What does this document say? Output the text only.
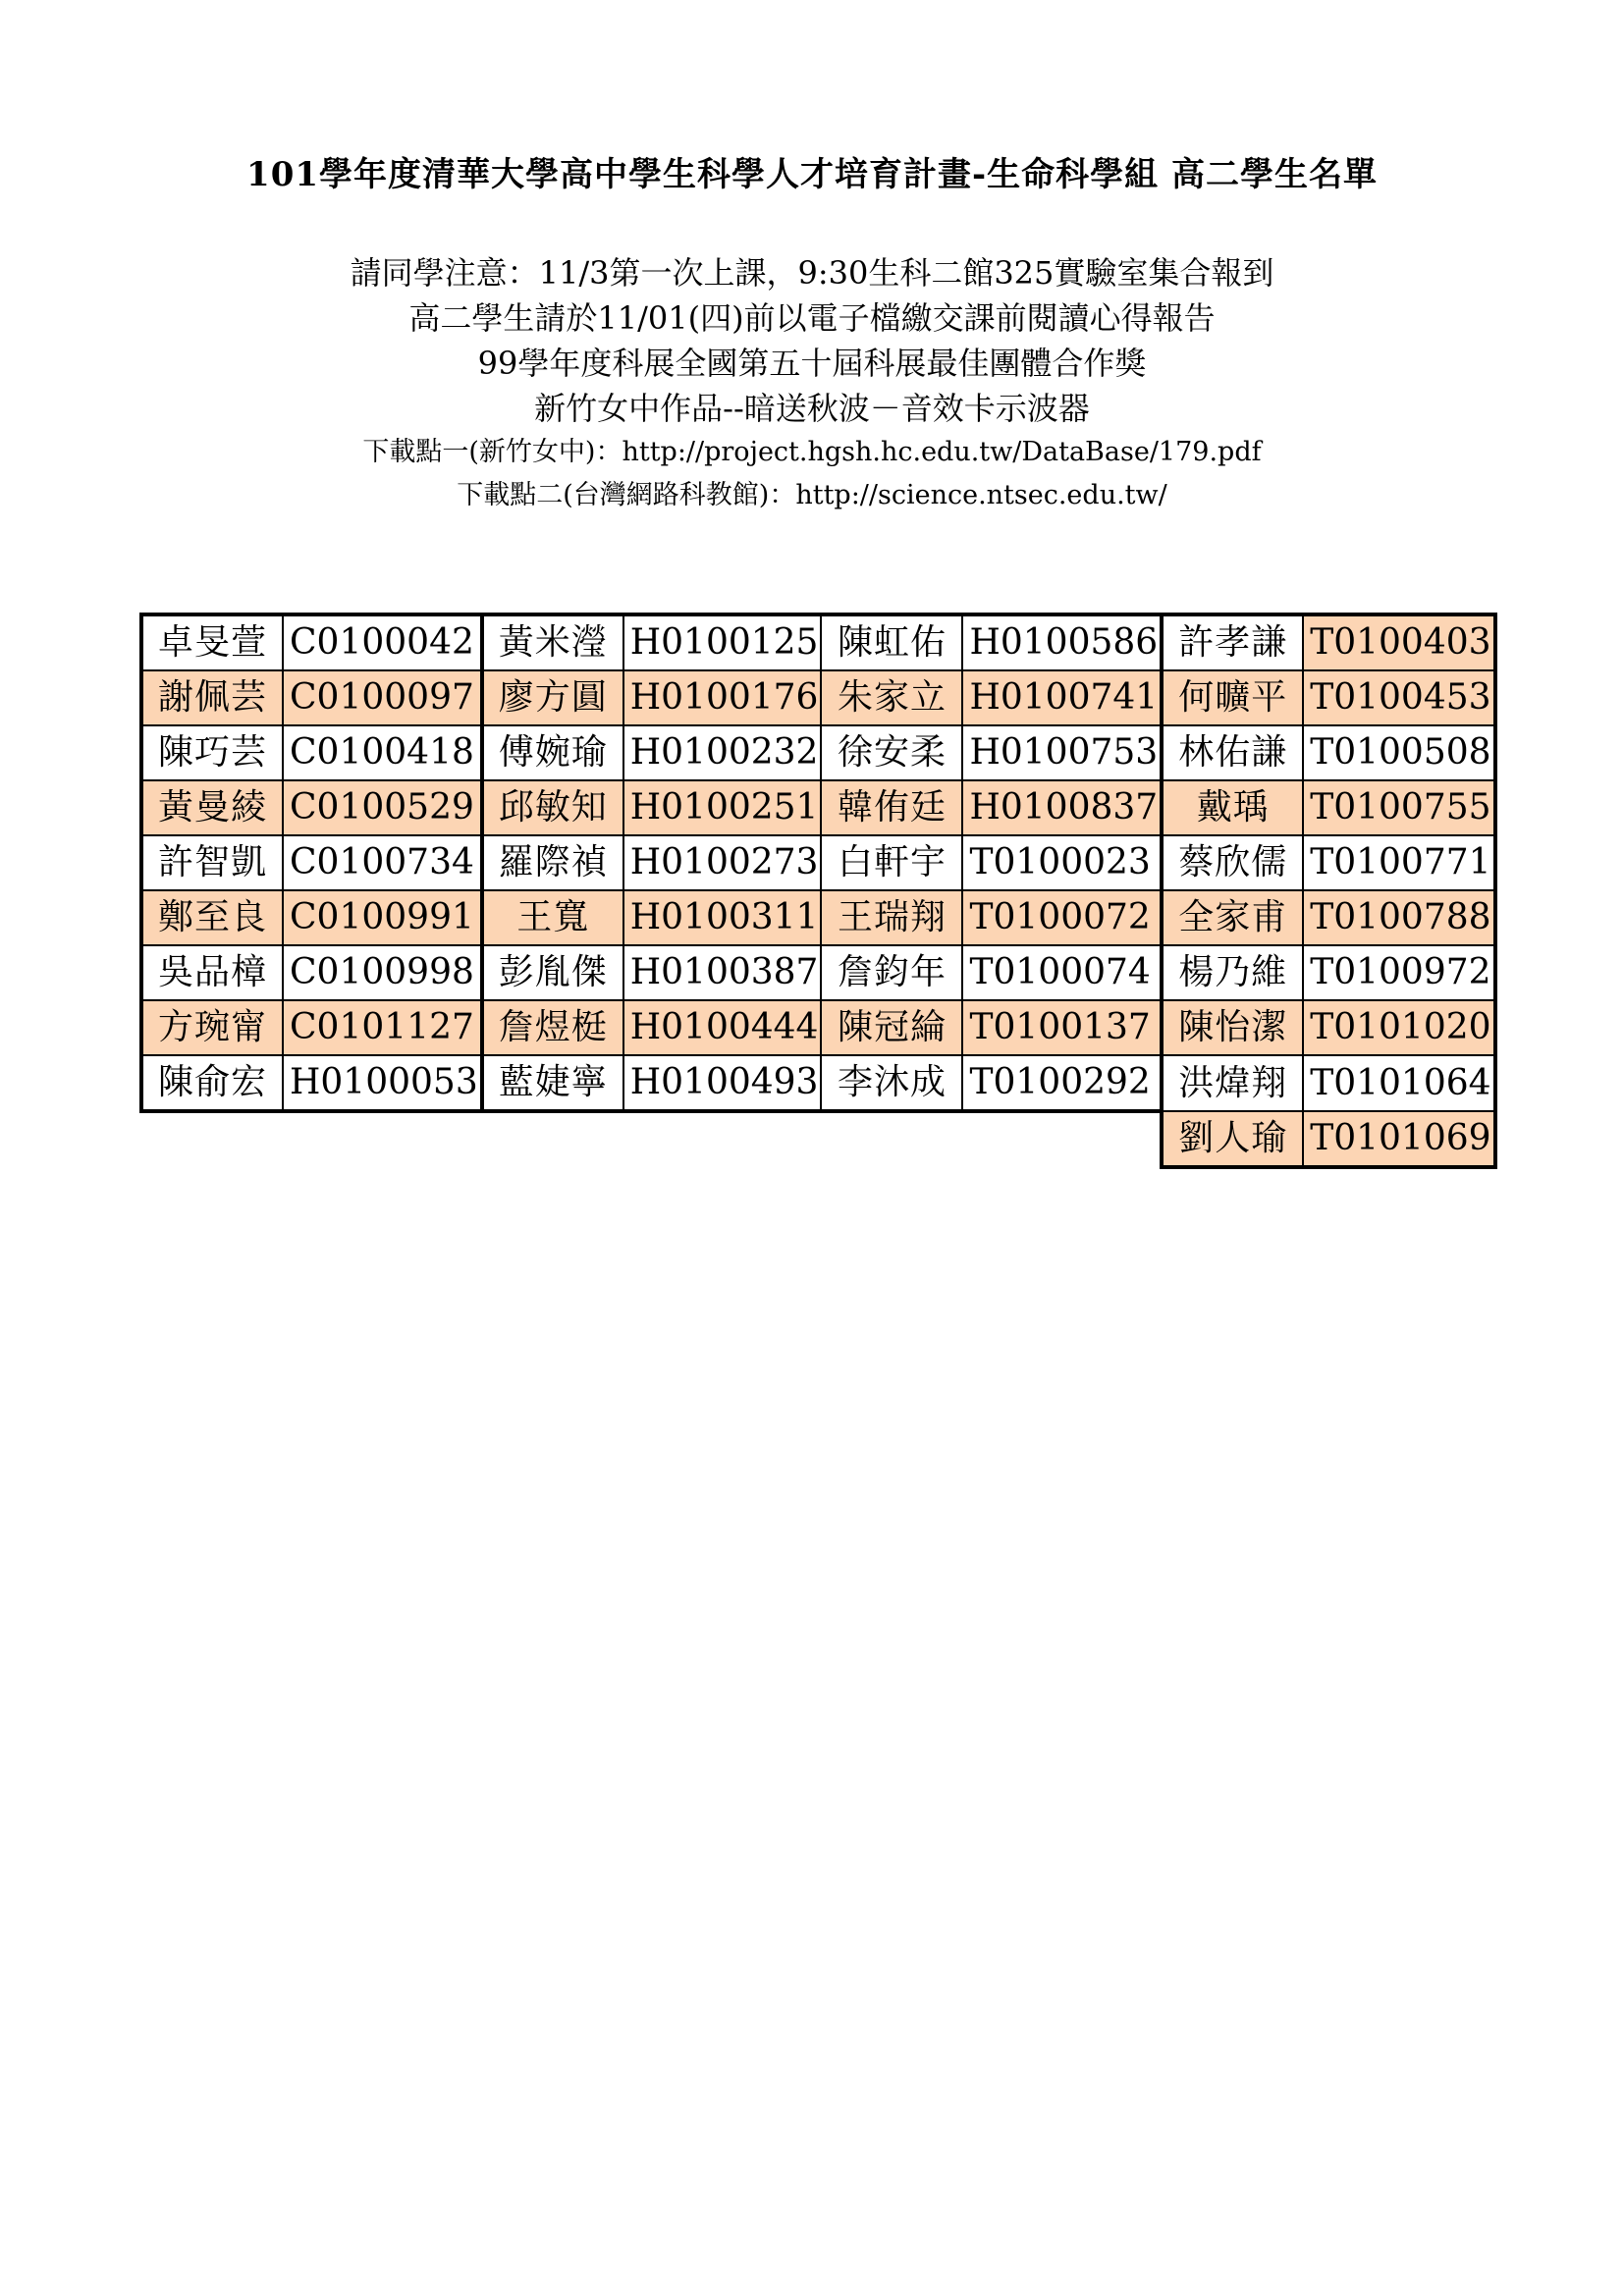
101學年度清華大學高中學生科學人才培育計畫-生命科學組 高二學生名單
請同學注意：11/3第一次上課，9:30生科二館325實驗室集合報到
高二學生請於11/01(四)前以電子檔繳交課前閱讀心得報告
99學年度科展全國第五十屆科展最佳團體合作獎
新竹女中作品--暗送秋波－音效卡示波器
下載點一(新竹女中)：http://project.hgsh.hc.edu.tw/DataBase/179.pdf
下載點二(台灣網路科教館)：http://science.ntsec.edu.tw/
卓旻萱	C0100042	黃米瀅	H0100125	陳虹佑	H0100586	許孝謙	T0100403
謝佩芸	C0100097	廖方圓	H0100176	朱家立	H0100741	何曠平	T0100453
陳巧芸	C0100418	傅婉瑜	H0100232	徐安柔	H0100753	林佑謙	T0100508
黃曼綾	C0100529	邱敏知	H0100251	韓侑廷	H0100837	戴瑀	T0100755
許智凱	C0100734	羅際禎	H0100273	白軒宇	T0100023	蔡欣儒	T0100771
鄭至良	C0100991	王寬	H0100311	王瑞翔	T0100072	全家甫	T0100788
吳品樟	C0100998	彭胤傑	H0100387	詹鈞年	T0100074	楊乃維	T0100972
方琬甯	C0101127	詹煜梃	H0100444	陳冠綸	T0100137	陳怡潔	T0101020
陳俞宏	H0100053	藍婕寧	H0100493	李沐成	T0100292	洪煒翔	T0101064
						劉人瑜	T0101069
